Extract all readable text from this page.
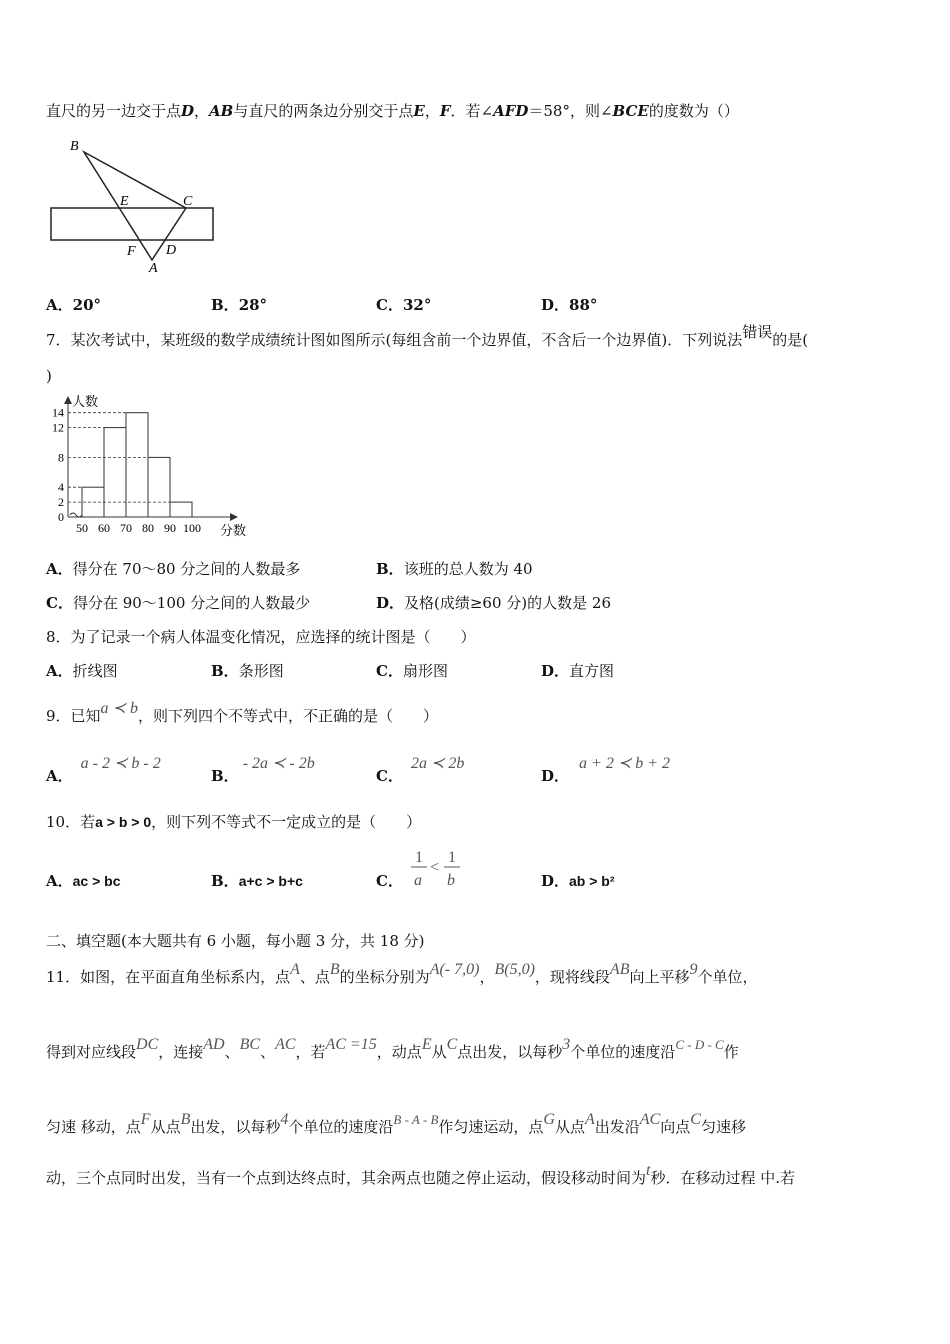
直尺的另一边交于点D，AB与直尺的两条边分别交于点E，F．若∠AFD＝58°，则∠BCE的度数为（）
B
E	C
F D
A
A．20°	B．28°	C．32°	D．88°
7．某次考试中，某班级的数学成绩统计图如图所示(每组含前一个边界值，不含后一个边界值)．下列说法错误的是(
)
人数
分数
0
2
4
8
12
14
50 60 70 80 90 100
A．得分在 70～80 分之间的人数最多	B．该班的总人数为 40
C．得分在 90～100 分之间的人数最少	D．及格(成绩≥60 分)的人数是 26
8．为了记录一个病人体温变化情况，应选择的统计图是（　　）
A．折线图	B．条形图	C．扇形图	D．直方图
9．已知a ≺ b，则下列四个不等式中，不正确的是（　　）
A．a - 2 ≺ b - 2
B．- 2a ≺ - 2b
C．2a ≺ 2b
D．a + 2 ≺ b + 2
10．若a > b > 0，则下列不等式不一定成立的是（　　）
A．ac > bc	B．a+c > b+c	C．
1
a
<
1
b	D．ab > b²
二、填空题(本大题共有 6 小题，每小题 3 分，共 18 分)
11．如图，在平面直角坐标系内，点A、点B的坐标分别为A(- 7,0)，B(5,0)，现将线段AB向上平移9个单位，
得到对应线段DC，连接AD、BC、AC，若AC =15，动点E从C点出发，以每秒3个单位的速度沿C - D - C作
匀速 移动，点F从点B出发，以每秒4个单位的速度沿B - A - B作匀速运动，点G从点A出发沿AC向点C匀速移
动，三个点同时出发，当有一个点到达终点时，其余两点也随之停止运动，假设移动时间为t秒．在移动过程 中.若
